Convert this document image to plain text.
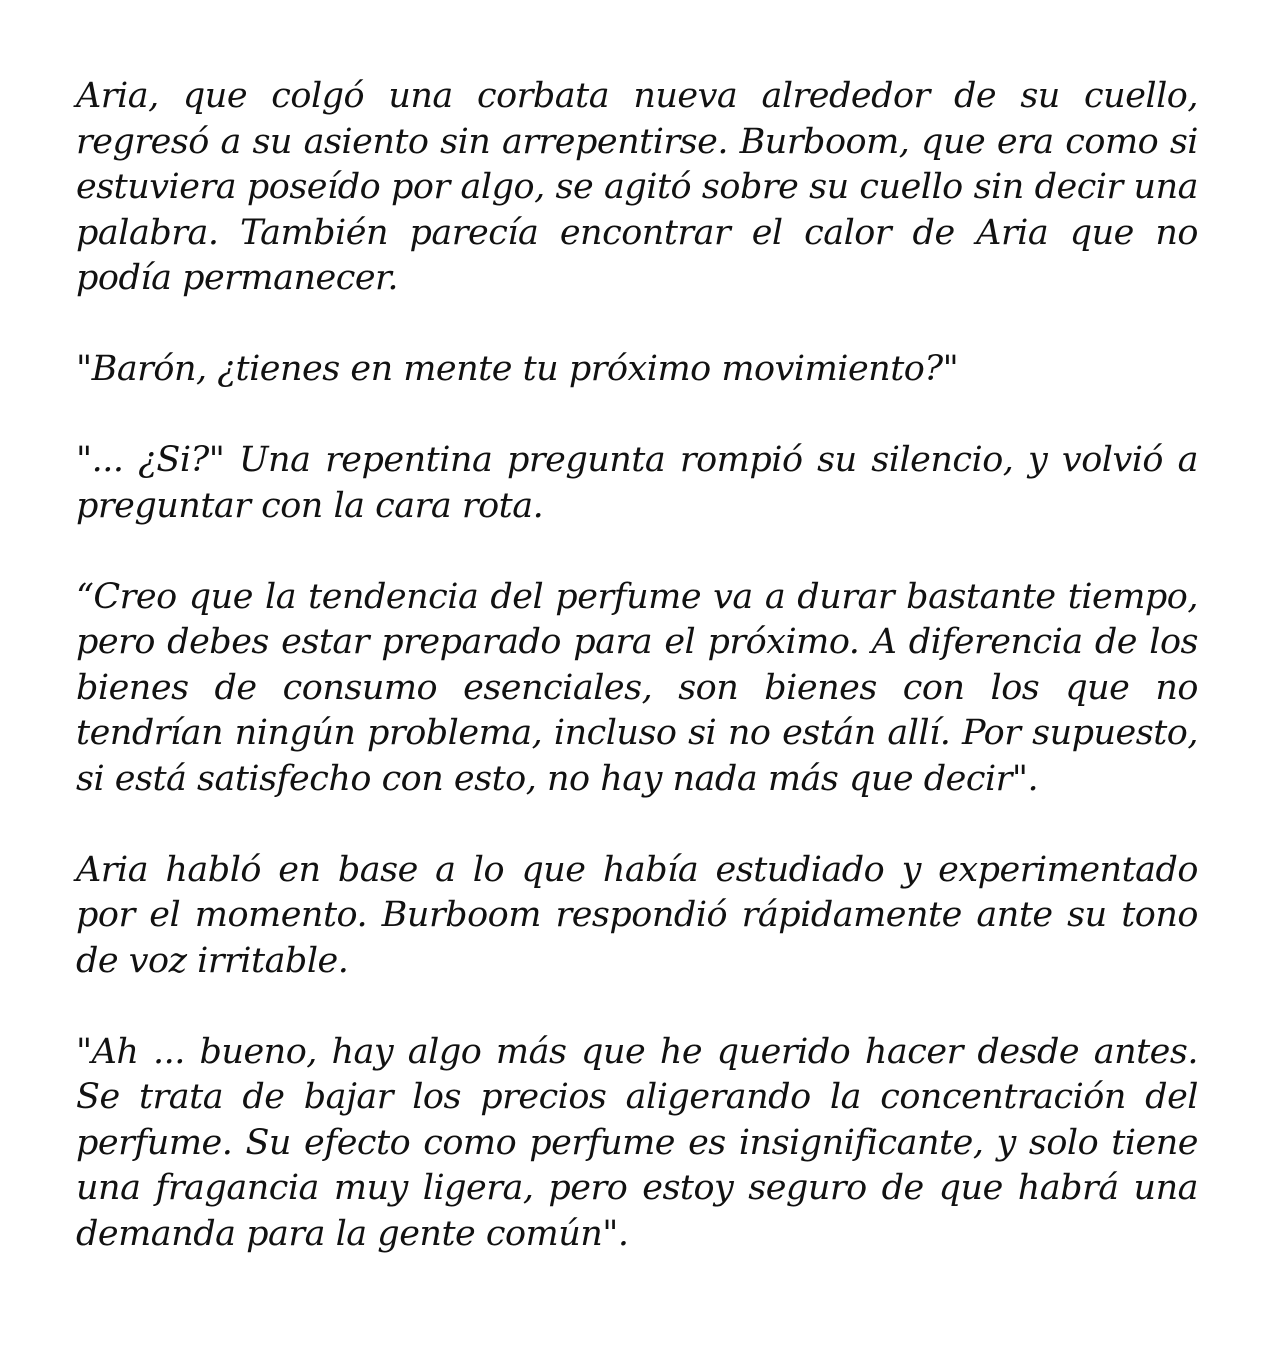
Aria, que colgó una corbata nueva alrededor de su cuello, regresó a su asiento sin arrepentirse. Burboom, que era como si estuviera poseído por algo, se agitó sobre su cuello sin decir una palabra. También parecía encontrar el calor de Aria que no podía permanecer.

"Barón, ¿tienes en mente tu próximo movimiento?"

"... ¿Si?" Una repentina pregunta rompió su silencio, y volvió a preguntar con la cara rota.

“Creo que la tendencia del perfume va a durar bastante tiempo, pero debes estar preparado para el próximo. A diferencia de los bienes de consumo esenciales, son bienes con los que no tendrían ningún problema, incluso si no están allí. Por supuesto, si está satisfecho con esto, no hay nada más que decir".

Aria habló en base a lo que había estudiado y experimentado por el momento. Burboom respondió rápidamente ante su tono de voz irritable.

"Ah ... bueno, hay algo más que he querido hacer desde antes. Se trata de bajar los precios aligerando la concentración del perfume. Su efecto como perfume es insignificante, y solo tiene una fragancia muy ligera, pero estoy seguro de que habrá una demanda para la gente común".
